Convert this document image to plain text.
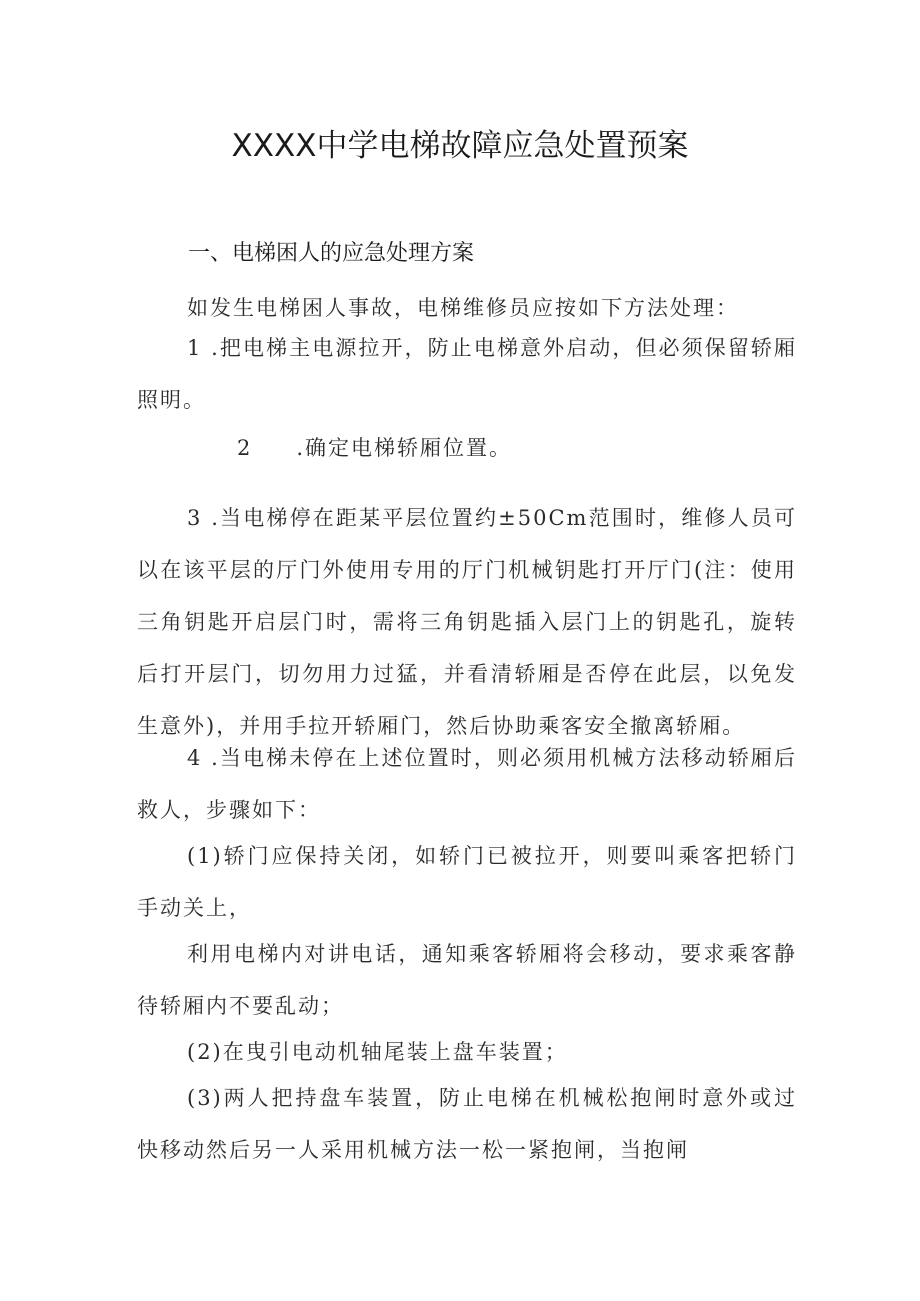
XXXX中学电梯故障应急处置预案
一、电梯困人的应急处理方案

如发生电梯困人事故，电梯维修员应按如下方法处理：

1 .把电梯主电源拉开，防止电梯意外启动，但必须保留轿厢照明。

2 .确定电梯轿厢位置。

3 .当电梯停在距某平层位置约±50Cm范围时，维修人员可以在该平层的厅门外使用专用的厅门机械钥匙打开厅门(注：使用三角钥匙开启层门时，需将三角钥匙插入层门上的钥匙孔，旋转后打开层门，切勿用力过猛，并看清轿厢是否停在此层，以免发生意外)，并用手拉开轿厢门，然后协助乘客安全撤离轿厢。

4 .当电梯未停在上述位置时，则必须用机械方法移动轿厢后救人，步骤如下：

(1)轿门应保持关闭，如轿门已被拉开，则要叫乘客把轿门手动关上，

利用电梯内对讲电话，通知乘客轿厢将会移动，要求乘客静待轿厢内不要乱动；

(2)在曳引电动机轴尾装上盘车装置；

(3)两人把持盘车装置，防止电梯在机械松抱闸时意外或过快移动然后另一人采用机械方法一松一紧抱闸，当抱闸
